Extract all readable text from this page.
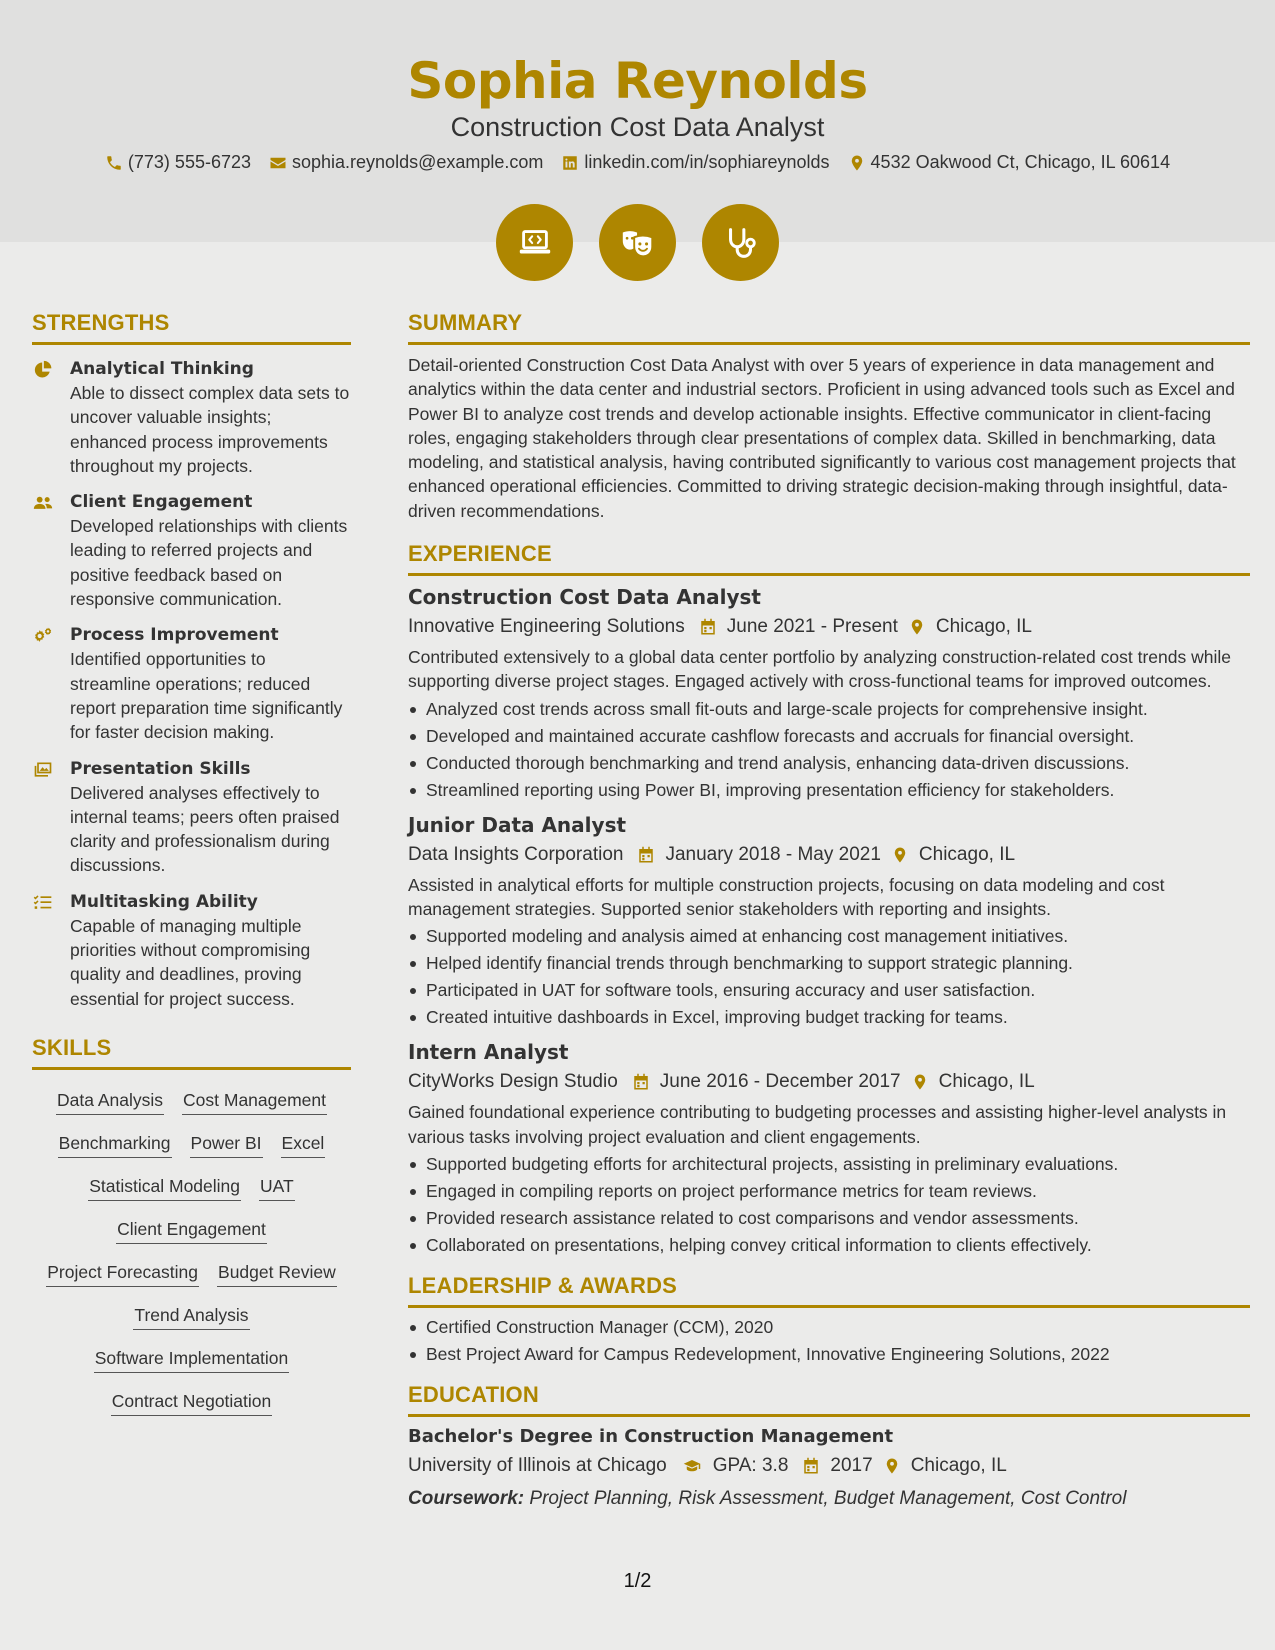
Sophia Reynolds
Construction Cost Data Analyst
(773) 555-6723 sophia.reynolds@example.com linkedin.com/in/sophiareynolds 4532 Oakwood Ct, Chicago, IL 60614
STRENGTHS
Analytical Thinking
Able to dissect complex data sets to uncover valuable insights; enhanced process improvements throughout my projects.
Client Engagement
Developed relationships with clients leading to referred projects and positive feedback based on responsive communication.
Process Improvement
Identified opportunities to streamline operations; reduced report preparation time significantly for faster decision making.
Presentation Skills
Delivered analyses effectively to internal teams; peers often praised clarity and professionalism during discussions.
Multitasking Ability
Capable of managing multiple priorities without compromising quality and deadlines, proving essential for project success.
SKILLS
Data Analysis Cost Management
Benchmarking Power BI Excel
Statistical Modeling UAT
Client Engagement
Project Forecasting Budget Review
Trend Analysis
Software Implementation
Contract Negotiation
SUMMARY
Detail-oriented Construction Cost Data Analyst with over 5 years of experience in data management and analytics within the data center and industrial sectors. Proficient in using advanced tools such as Excel and Power BI to analyze cost trends and develop actionable insights. Effective communicator in client-facing roles, engaging stakeholders through clear presentations of complex data. Skilled in benchmarking, data modeling, and statistical analysis, having contributed significantly to various cost management projects that enhanced operational efficiencies. Committed to driving strategic decision-making through insightful, data-driven recommendations.
EXPERIENCE
Construction Cost Data Analyst
Innovative Engineering Solutions June 2021 - Present Chicago, IL
Contributed extensively to a global data center portfolio by analyzing construction-related cost trends while supporting diverse project stages. Engaged actively with cross-functional teams for improved outcomes.
Analyzed cost trends across small fit-outs and large-scale projects for comprehensive insight.
Developed and maintained accurate cashflow forecasts and accruals for financial oversight.
Conducted thorough benchmarking and trend analysis, enhancing data-driven discussions.
Streamlined reporting using Power BI, improving presentation efficiency for stakeholders.
Junior Data Analyst
Data Insights Corporation January 2018 - May 2021 Chicago, IL
Assisted in analytical efforts for multiple construction projects, focusing on data modeling and cost management strategies. Supported senior stakeholders with reporting and insights.
Supported modeling and analysis aimed at enhancing cost management initiatives.
Helped identify financial trends through benchmarking to support strategic planning.
Participated in UAT for software tools, ensuring accuracy and user satisfaction.
Created intuitive dashboards in Excel, improving budget tracking for teams.
Intern Analyst
CityWorks Design Studio June 2016 - December 2017 Chicago, IL
Gained foundational experience contributing to budgeting processes and assisting higher-level analysts in various tasks involving project evaluation and client engagements.
Supported budgeting efforts for architectural projects, assisting in preliminary evaluations.
Engaged in compiling reports on project performance metrics for team reviews.
Provided research assistance related to cost comparisons and vendor assessments.
Collaborated on presentations, helping convey critical information to clients effectively.
LEADERSHIP & AWARDS
Certified Construction Manager (CCM), 2020
Best Project Award for Campus Redevelopment, Innovative Engineering Solutions, 2022
EDUCATION
Bachelor's Degree in Construction Management
University of Illinois at Chicago GPA: 3.8 2017 Chicago, IL
Coursework: Project Planning, Risk Assessment, Budget Management, Cost Control
1/2
